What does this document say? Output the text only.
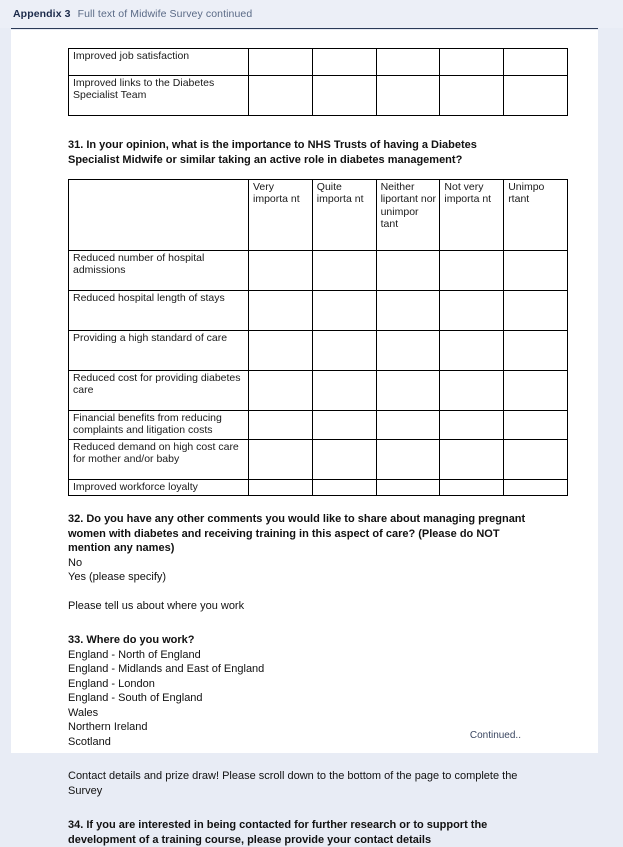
Appendix 3 Full text of Midwife Survey continued
Improved job satisfaction					
Improved links to the Diabetes Specialist Team					
31. In your opinion, what is the importance to NHS Trusts of having a Diabetes Specialist Midwife or similar taking an active role in diabetes management?
	Very importa nt	Quite importa nt	Neither liportant nor unimpor tant	Not very importa nt	Unimpo rtant
Reduced number of hospital admissions					
Reduced hospital length of stays					
Providing a high standard of care					
Reduced cost for providing diabetes care					
Financial benefits from reducing complaints and litigation costs					
Reduced demand on high cost care for mother and/or baby					
Improved workforce loyalty					
32. Do you have any other comments you would like to share about managing pregnant women with diabetes and receiving training in this aspect of care? (Please do NOT mention any names)
No
Yes (please specify)
Please tell us about where you work
33. Where do you work?
England - North of England
England - Midlands and East of England
England - London
England - South of England
Wales
Northern Ireland
Scotland
Contact details and prize draw! Please scroll down to the bottom of the page to complete the Survey
34. If you are interested in being contacted for further research or to support the development of a training course, please provide your contact details
Continued..
